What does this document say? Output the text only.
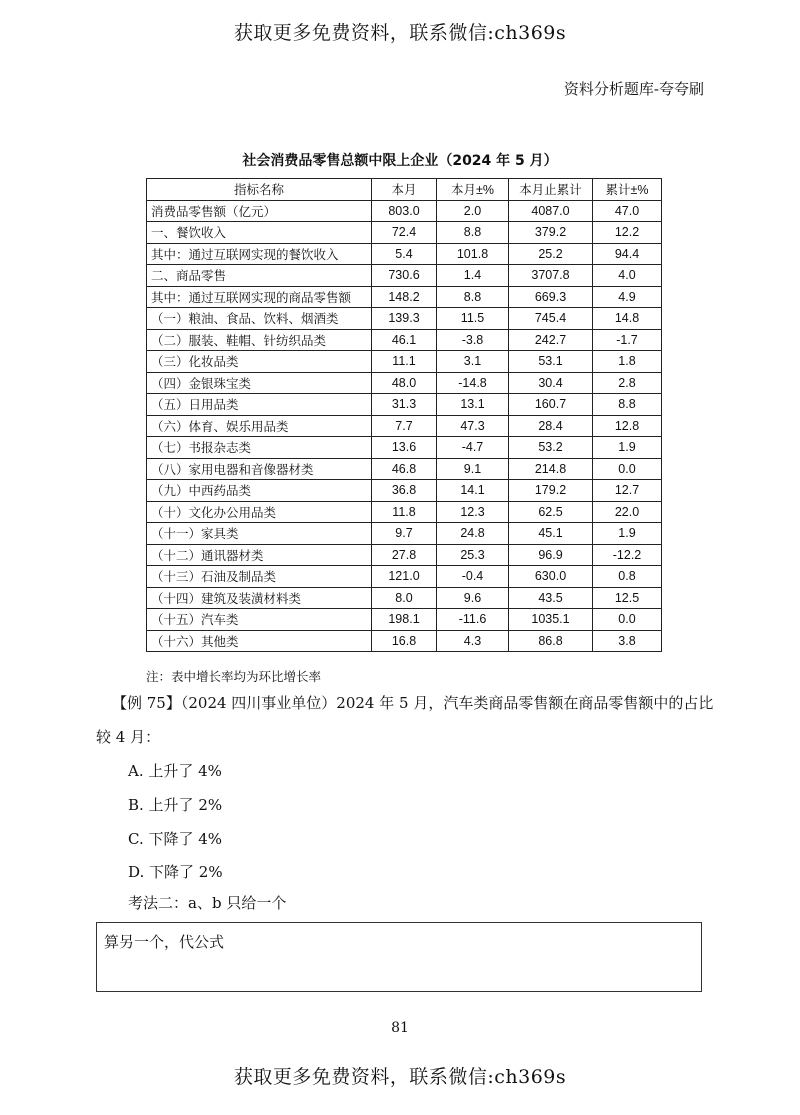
获取更多免费资料，联系微信:ch369s
资料分析题库-夸夸刷
社会消费品零售总额中限上企业（2024 年 5 月）
指标名称	本月	本月±%	本月止累计	累计±%
消费品零售额（亿元）	803.0	2.0	4087.0	47.0
一、餐饮收入	72.4	8.8	379.2	12.2
其中：通过互联网实现的餐饮收入	5.4	101.8	25.2	94.4
二、商品零售	730.6	1.4	3707.8	4.0
其中：通过互联网实现的商品零售额	148.2	8.8	669.3	4.9
（一）粮油、食品、饮料、烟酒类	139.3	11.5	745.4	14.8
（二）服装、鞋帽、针纺织品类	46.1	-3.8	242.7	-1.7
（三）化妆品类	11.1	3.1	53.1	1.8
（四）金银珠宝类	48.0	-14.8	30.4	2.8
（五）日用品类	31.3	13.1	160.7	8.8
（六）体育、娱乐用品类	7.7	47.3	28.4	12.8
（七）书报杂志类	13.6	-4.7	53.2	1.9
（八）家用电器和音像器材类	46.8	9.1	214.8	0.0
（九）中西药品类	36.8	14.1	179.2	12.7
（十）文化办公用品类	11.8	12.3	62.5	22.0
（十一）家具类	9.7	24.8	45.1	1.9
（十二）通讯器材类	27.8	25.3	96.9	-12.2
（十三）石油及制品类	121.0	-0.4	630.0	0.8
（十四）建筑及装潢材料类	8.0	9.6	43.5	12.5
（十五）汽车类	198.1	-11.6	1035.1	0.0
（十六）其他类	16.8	4.3	86.8	3.8
注：表中增长率均为环比增长率
【例 75】（2024 四川事业单位）2024 年 5 月，汽车类商品零售额在商品零售额中的占比
较 4 月：
A. 上升了 4%
B. 上升了 2%
C. 下降了 4%
D. 下降了 2%
考法二：a、b 只给一个
算另一个，代公式
81
获取更多免费资料，联系微信:ch369s
